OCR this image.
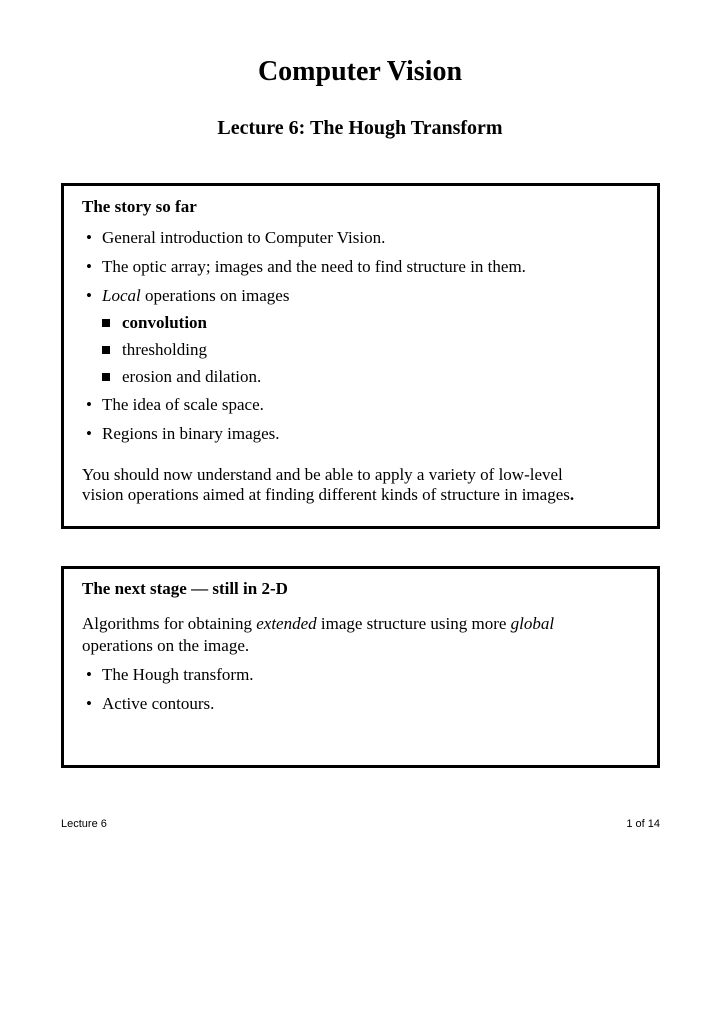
Computer Vision
Lecture 6: The Hough Transform
The story so far
• General introduction to Computer Vision.
• The optic array; images and the need to find structure in them.
• Local operations on images
convolution
thresholding
erosion and dilation.
• The idea of scale space.
• Regions in binary images.
You should now understand and be able to apply a variety of low-level
vision operations aimed at finding different kinds of structure in images.
The next stage — still in 2-D
Algorithms for obtaining extended image structure using more global
operations on the image.
• The Hough transform.
• Active contours.
Lecture 6	1 of 14
